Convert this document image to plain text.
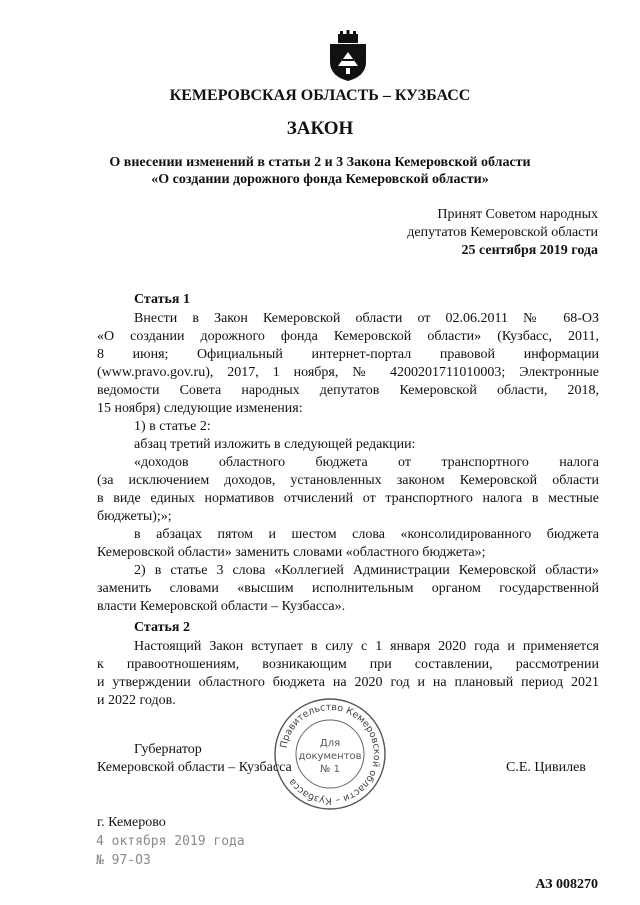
КЕМЕРОВСКАЯ ОБЛАСТЬ – КУЗБАСС
ЗАКОН
О внесении изменений в статьи 2 и 3 Закона Кемеровской области
«О создании дорожного фонда Кемеровской области»
Принят Советом народных
депутатов Кемеровской области
25 сентября 2019 года
Статья 1
Внести в Закон Кемеровской области от 02.06.2011 № 68-ОЗ
«О создании дорожного фонда Кемеровской области» (Кузбасс, 2011,
8 июня; Официальный интернет-портал правовой информации
(www.pravo.gov.ru), 2017, 1 ноября, № 4200201711010003; Электронные
ведомости Совета народных депутатов Кемеровской области, 2018,
15 ноября) следующие изменения:
1) в статье 2:
абзац третий изложить в следующей редакции:
«доходов областного бюджета от транспортного налога
(за исключением доходов, установленных законом Кемеровской области
в виде единых нормативов отчислений от транспортного налога в местные
бюджеты);»;
в абзацах пятом и шестом слова «консолидированного бюджета
Кемеровской области» заменить словами «областного бюджета»;
2) в статье 3 слова «Коллегией Администрации Кемеровской области»
заменить словами «высшим исполнительным органом государственной
власти Кемеровской области – Кузбасса».
Статья 2
Настоящий Закон вступает в силу с 1 января 2020 года и применяется
к правоотношениям, возникающим при составлении, рассмотрении
и утверждении областного бюджета на 2020 год и на плановый период 2021
и 2022 годов.
Правительство Кемеровской области – Кузбасса
Для
документов
№ 1
Губернатор
Кемеровской области – Кузбасса	С.Е. Цивилев
г. Кемерово
4 октября 2019 года
№ 97-ОЗ
АЗ 008270
